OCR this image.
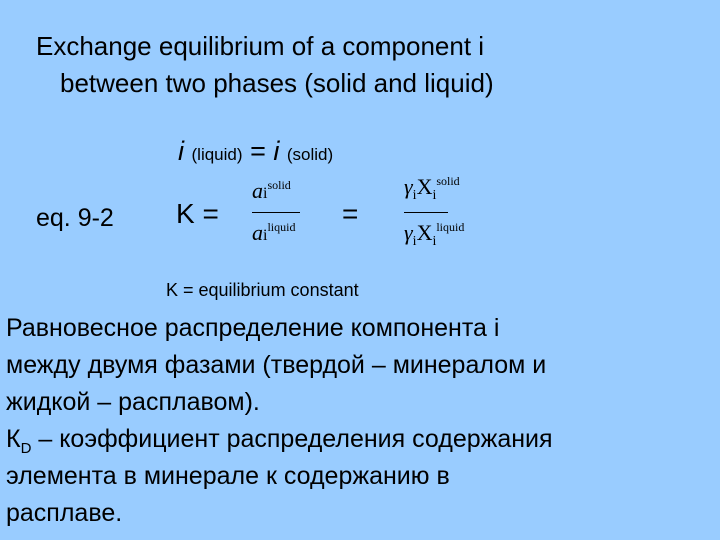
Exchange equilibrium of a component i
between two phases (solid and liquid)
i (liquid) = i (solid)
eq. 9-2 K =
$ai^{solid}$
$ai^{liquid}$ =
$\gamma_iX_i^{solid}$
$\gamma_iX_i^{liquid}$
K = equilibrium constant
Равновесное распределение компонента i
между двумя фазами (твердой – минералом и
жидкой – расплавом).
$К_D$ – коэффициент распределения содержания
элемента в минерале к содержанию в
расплаве.
